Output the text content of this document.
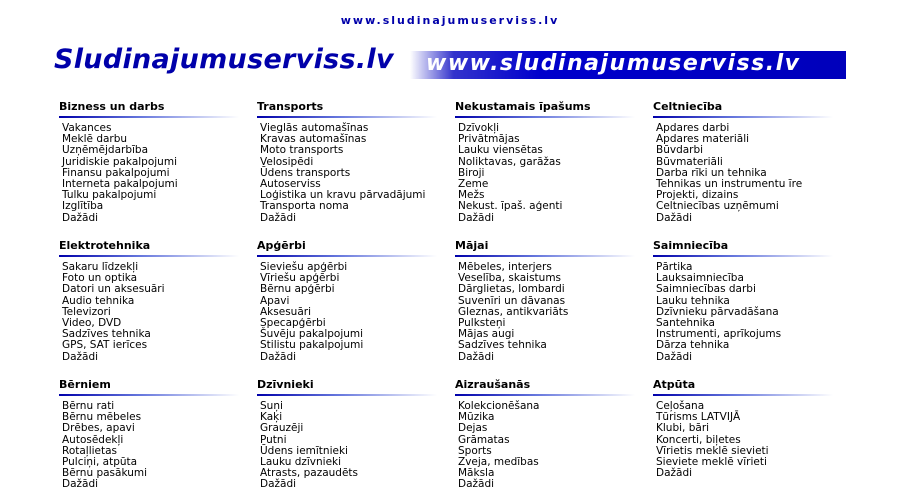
www.sludinajumuserviss.lv
Sludinajumuserviss.lv www.sludinajumuserviss.lv
Bizness un darbs
Vakances
Meklē darbu
Uzņēmējdarbība
Juridiskie pakalpojumi
Finansu pakalpojumi
Interneta pakalpojumi
Tulku pakalpojumi
Izglītība
Dažādi
Transports
Vieglās automašīnas
Kravas automašīnas
Moto transports
Velosipēdi
Ūdens transports
Autoserviss
Loģistika un kravu pārvadājumi
Transporta noma
Dažādi
Nekustamais īpašums
Dzīvokļi
Privātmājas
Lauku viensētas
Noliktavas, garāžas
Biroji
Zeme
Mežs
Nekust. īpaš. aģenti
Dažādi
Celtniecība
Apdares darbi
Apdares materiāli
Būvdarbi
Būvmateriāli
Darba rīki un tehnika
Tehnikas un instrumentu īre
Projekti, dizains
Celtniecības uzņēmumi
Dažādi
Elektrotehnika
Sakaru līdzekļi
Foto un optika
Datori un aksesuāri
Audio tehnika
Televizori
Video, DVD
Sadzīves tehnika
GPS, SAT ierīces
Dažādi
Apģērbi
Sieviešu apģērbi
Vīriešu apģērbi
Bērnu apģērbi
Apavi
Aksesuāri
Specapģērbi
Šuvēju pakalpojumi
Stilistu pakalpojumi
Dažādi
Mājai
Mēbeles, interjers
Veselība, skaistums
Dārglietas, lombardi
Suvenīri un dāvanas
Gleznas, antikvariāts
Pulksteņi
Mājas augi
Sadzīves tehnika
Dažādi
Saimniecība
Pārtika
Lauksaimniecība
Saimniecības darbi
Lauku tehnika
Dzīvnieku pārvadāšana
Santehnika
Instrumenti, aprīkojums
Dārza tehnika
Dažādi
Bērniem
Bērnu rati
Bērnu mēbeles
Drēbes, apavi
Autosēdekļi
Rotaļlietas
Pulciņi, atpūta
Bērnu pasākumi
Dažādi
Dzīvnieki
Suņi
Kaķi
Grauzēji
Putni
Ūdens iemītnieki
Lauku dzīvnieki
Atrasts, pazaudēts
Dažādi
Aizraušanās
Kolekcionēšana
Mūzika
Dejas
Grāmatas
Sports
Zveja, medības
Māksla
Dažādi
Atpūta
Ceļošana
Tūrisms LATVIJĀ
Klubi, bāri
Koncerti, biļetes
Vīrietis meklē sievieti
Sieviete meklē vīrieti
Dažādi
